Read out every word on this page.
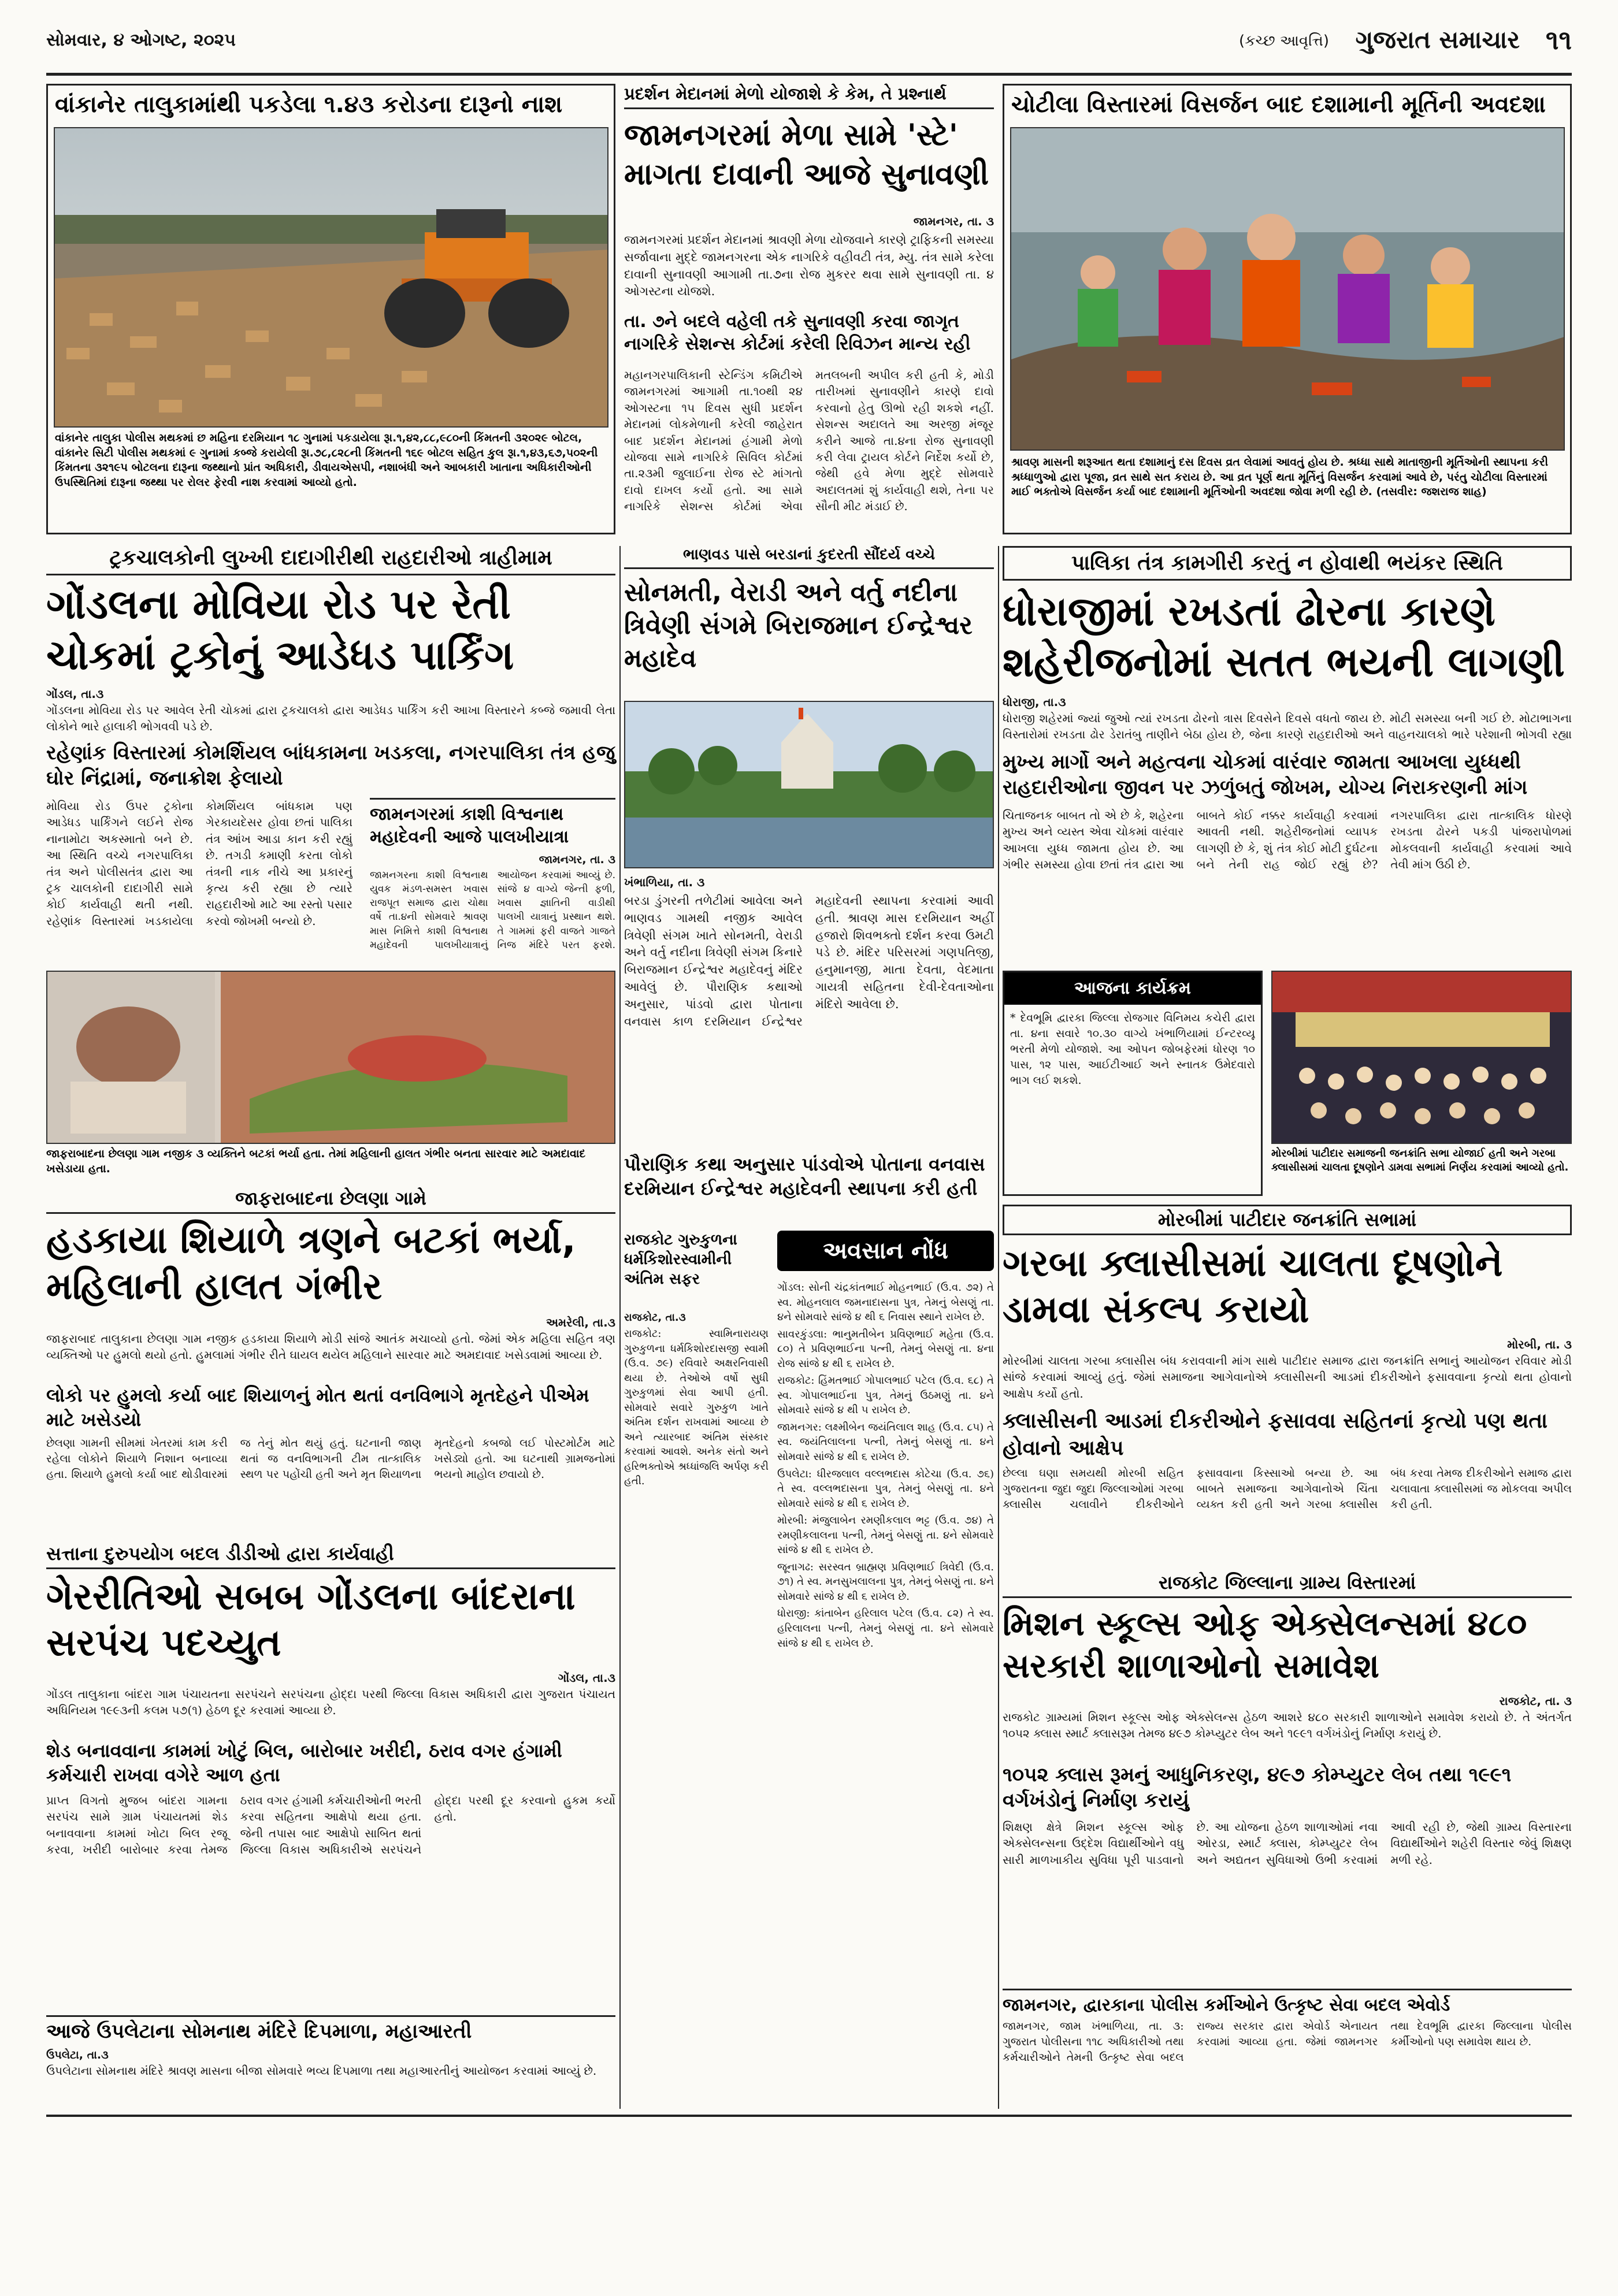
સોમવાર, ૪ ઓગષ્ટ, ૨૦૨૫	(કચ્છ આવૃત્તિ) ગુજરાત સમાચાર ૧૧
વાંકાનેર તાલુકામાંથી પકડેલા ૧.૪૩ કરોડના દારૂનો નાશ
વાંકાનેર તાલુકા પોલીસ મથકમાં છ મહિના દરમિયાન ૧૮ ગુનામાં પકડાયેલા રૂા.૧,૪૨,૮૮,૯૮૦ની કિંમતની ૩૨૦૨૯ બોટલ, વાંકાનેર સિટી પોલીસ મથકમાં ૯ ગુનામાં કબ્જે કરાયેલી રૂા.૭૮,૮૨૮ની કિંમતની ૧૬૯ બોટલ સહિત કુલ રૂા.૧,૪૩,૬૭,૫૦૨ની કિંમતના ૩૨૧૯૫ બોટલના દારૂના જથ્થાનો પ્રાંત અધિકારી, ડીવાયએસપી, નશાબંધી અને આબકારી ખાતાના અધિકારીઓની ઉપસ્થિતિમાં દારૂના જથ્થા પર રોલર ફેરવી નાશ કરવામાં આવ્યો હતો.
પ્રદર્શન મેદાનમાં મેળો યોજાશે કે કેમ, તે પ્રશ્નાર્થ
જામનગરમાં મેળા સામે 'સ્ટે' માગતા દાવાની આજે સુનાવણી
જામનગર, તા. ૩
જામનગરમાં પ્રદર્શન મેદાનમાં શ્રાવણી મેળા યોજવાને કારણે ટ્રાફિકની સમસ્યા સર્જાવાના મુદ્દે જામનગરના એક નાગરિકે વહીવટી તંત્ર, મ્યુ. તંત્ર સામે કરેલા દાવાની સુનાવણી આગામી તા.૭ના રોજ મુકરર થવા સામે સુનાવણી તા. ૪ ઓગસ્ટના યોજશે.
તા. ૭ને બદલે વહેલી તકે સુનાવણી કરવા જાગૃત નાગરિકે સેશન્સ કોર્ટમાં કરેલી રિવિઝન માન્ય રહી
મહાનગરપાલિકાની સ્ટેન્ડિંગ કમિટીએ જામનગરમાં આગામી તા.૧૦થી ૨૪ ઓગસ્ટના ૧૫ દિવસ સુધી પ્રદર્શન મેદાનમાં લોકમેળાની કરેલી જાહેરાત બાદ પ્રદર્શન મેદાનમાં હંગામી મેળો યોજવા સામે નાગરિકે સિવિલ કોર્ટમાં તા.૨૩મી જુલાઈના રોજ સ્ટે માંગતો દાવો દાખલ કર્યો હતો. આ સામે નાગરિકે સેશન્સ કોર્ટમાં એવા મતલબની અપીલ કરી હતી કે, મોડી તારીખમાં સુનાવણીને કારણે દાવો કરવાનો હેતુ ઊભો રહી શકશે નહીં. સેશન્સ અદાલતે આ અરજી મંજૂર કરીને આજે તા.૪ના રોજ સુનાવણી કરી લેવા ટ્રાયલ કોર્ટને નિર્દેશ કર્યો છે, જેથી હવે મેળા મુદ્દે સોમવારે અદાલતમાં શું કાર્યવાહી થશે, તેના પર સૌની મીટ મંડાઈ છે.
ચોટીલા વિસ્તારમાં વિસર્જન બાદ દશામાની મૂર્તિની અવદશા
શ્રાવણ માસની શરૂઆત થતા દશામાનું દસ દિવસ વ્રત લેવામાં આવતું હોય છે. શ્રધ્ધા સાથે માતાજીની મૂર્તિઓની સ્થાપના કરી શ્રધ્ધાળુઓ દ્વારા પૂજા, વ્રત સાથે સત કરાય છે. આ વ્રત પૂર્ણ થતા મૂર્તિનું વિસર્જન કરવામાં આવે છે, પરંતુ ચોટીલા વિસ્તારમાં માઈ ભક્તોએ વિસર્જન કર્યા બાદ દશામાની મૂર્તિઓની અવદશા જોવા મળી રહી છે. (તસવીર: જશરાજ શાહ)
ટ્રકચાલકોની લુખ્ખી દાદાગીરીથી રાહદારીઓ ત્રાહીમામ
ગોંડલના મોવિયા રોડ પર રેતી ચોકમાં ટ્રકોનું આડેધડ પાર્કિંગ
ગોંડલ, તા.૩
ગોંડલના મોવિયા રોડ પર આવેલ રેતી ચોકમાં દ્વારા ટ્રકચાલકો દ્વારા આડેધડ પાર્કિંગ કરી આખા વિસ્તારને કબ્જે જમાવી લેતા લોકોને ભારે હાલાકી ભોગવવી પડે છે.
રહેણાંક વિસ્તારમાં કોમર્શિયલ બાંધકામના ખડકલા, નગરપાલિકા તંત્ર હજુ ઘોર નિંદ્રામાં, જનાક્રોશ ફેલાયો
મોવિયા રોડ ઉપર ટ્રકોના આડેધડ પાર્કિંગને લઈને રોજ નાનામોટા અકસ્માતો બને છે. આ સ્થિતિ વચ્ચે નગરપાલિકા તંત્ર અને પોલીસતંત્ર દ્વારા આ ટ્રક ચાલકોની દાદાગીરી સામે કોઈ કાર્યવાહી થતી નથી. રહેણાંક વિસ્તારમાં ખડકાયેલા કોમર્શિયલ બાંધકામ પણ ગેરકાયદેસર હોવા છતાં પાલિકા તંત્ર આંખ આડા કાન કરી રહ્યું છે. તગડી કમાણી કરતા લોકો તંત્રની નાક નીચે આ પ્રકારનું કૃત્ય કરી રહ્યા છે ત્યારે રાહદારીઓ માટે આ રસ્તો પસાર કરવો જોખમી બન્યો છે.
જામનગરમાં કાશી વિશ્વનાથ મહાદેવની આજે પાલખીયાત્રા
જામનગર, તા. ૩
જામનગરના કાશી વિશ્વનાથ યુવક મંડળ-સમસ્ત ખવાસ રાજપૂત સમાજ દ્વારા ચોથા વર્ષે તા.૪ની સોમવારે શ્રાવણ માસ નિમિત્તે કાશી વિશ્વનાથ મહાદેવની પાલખીયાત્રાનું આયોજન કરવામાં આવ્યું છે. સાંજે ૪ વાગ્યે જેન્તી ફળી, ખવાસ જ્ઞાતિની વાડીથી પાલખી યાત્રાનું પ્રસ્થાન થશે. તે ગામમાં ફરી વાજતે ગાજતે નિજ મંદિરે પરત ફરશે.
ભાણવડ પાસે બરડાનાં કુદરતી સૌંદર્ય વચ્ચે
સોનમતી, વેરાડી અને વર્તુ નદીના ત્રિવેણી સંગમે બિરાજમાન ઈન્દ્રેશ્વર મહાદેવ
ખંભાળિયા, તા. ૩
બરડા ડુંગરની તળેટીમાં આવેલા અને ભાણવડ ગામથી નજીક આવેલ ત્રિવેણી સંગમ ખાતે સોનમતી, વેરાડી અને વર્તુ નદીના ત્રિવેણી સંગમ કિનારે બિરાજમાન ઈન્દ્રેશ્વર મહાદેવનું મંદિર આવેલું છે. પૌરાણિક કથાઓ અનુસાર, પાંડવો દ્વારા પોતાના વનવાસ કાળ દરમિયાન ઈન્દ્રેશ્વર મહાદેવની સ્થાપના કરવામાં આવી હતી. શ્રાવણ માસ દરમિયાન અહીં હજારો શિવભક્તો દર્શન કરવા ઉમટી પડે છે. મંદિર પરિસરમાં ગણપતિજી, હનુમાનજી, માતા દેવતા, વેદમાતા ગાયત્રી સહિતના દેવી-દેવતાઓના મંદિરો આવેલા છે.
પૌરાણિક કથા અનુસાર પાંડવોએ પોતાના વનવાસ દરમિયાન ઈન્દ્રેશ્વર મહાદેવની સ્થાપના કરી હતી
પાલિકા તંત્ર કામગીરી કરતું ન હોવાથી ભયંકર સ્થિતિ
ધોરાજીમાં રખડતાં ઢોરના કારણે શહેરીજનોમાં સતત ભયની લાગણી
ધોરાજી, તા.૩
ધોરાજી શહેરમાં જ્યાં જુઓ ત્યાં રખડતા ઢોરનો ત્રાસ દિવસેને દિવસે વધતો જાય છે. મોટી સમસ્યા બની ગઈ છે. મોટાભાગના વિસ્તારોમાં રખડતા ઢોર ડેરાતંબુ તાણીને બેઠા હોય છે, જેના કારણે રાહદારીઓ અને વાહનચાલકો ભારે પરેશાની ભોગવી રહ્યા
મુખ્ય માર્ગો અને મહત્વના ચોકમાં વારંવાર જામતા આખલા યુધ્ધથી રાહદારીઓના જીવન પર ઝળુંબતું જોખમ, યોગ્ય નિરાકરણની માંગ
ચિતાજનક બાબત તો એ છે કે, શહેરના મુખ્ય અને વ્યસ્ત એવા ચોકમાં વારંવાર આખલા યુધ્ધ જામતા હોય છે. આ ગંભીર સમસ્યા હોવા છતાં તંત્ર દ્વારા આ બાબતે કોઈ નક્કર કાર્યવાહી કરવામાં આવતી નથી. શહેરીજનોમાં વ્યાપક લાગણી છે કે, શું તંત્ર કોઈ મોટી દુર્ઘટના બને તેની રાહ જોઈ રહ્યું છે? નગરપાલિકા દ્વારા તાત્કાલિક ધોરણે રખડતા ઢોરને પકડી પાંજરાપોળમાં મોકલવાની કાર્યવાહી કરવામાં આવે તેવી માંગ ઉઠી છે.
જાફરાબાદના છેલણા ગામ નજીક ૩ વ્યક્તિને બટકાં ભર્યા હતા. તેમાં મહિલાની હાલત ગંભીર બનતા સારવાર માટે અમદાવાદ ખસેડાયા હતા.
જાફરાબાદના છેલણા ગામે
હડકાયા શિયાળે ત્રણને બટકાં ભર્યા, મહિલાની હાલત ગંભીર
અમરેલી, તા.૩
જાફરાબાદ તાલુકાના છેલણા ગામ નજીક હડકાયા શિયાળે મોડી સાંજે આતંક મચાવ્યો હતો. જેમાં એક મહિલા સહિત ત્રણ વ્યક્તિઓ પર હુમલો થયો હતો. હુમલામાં ગંભીર રીતે ઘાયલ થયેલ મહિલાને સારવાર માટે અમદાવાદ ખસેડવામાં આવ્યા છે.
લોકો પર હુમલો કર્યા બાદ શિયાળનું મોત થતાં વનવિભાગે મૃતદેહને પીએમ માટે ખસેડયો
છેલણા ગામની સીમમાં ખેતરમાં કામ કરી રહેલા લોકોને શિયાળે નિશાન બનાવ્યા હતા. શિયાળે હુમલો કર્યા બાદ થોડીવારમાં જ તેનું મોત થયું હતું. ઘટનાની જાણ થતાં જ વનવિભાગની ટીમ તાત્કાલિક સ્થળ પર પહોંચી હતી અને મૃત શિયાળના મૃતદેહનો કબજો લઈ પોસ્ટમોર્ટમ માટે ખસેડ્યો હતો. આ ઘટનાથી ગ્રામજનોમાં ભયનો માહોલ છવાયો છે.
સત્તાના દુરુપયોગ બદલ ડીડીઓ દ્વારા કાર્યવાહી
ગેરરીતિઓ સબબ ગોંડલના બાંદરાના સરપંચ પદચ્યુત
ગોંડલ, તા.૩
ગોંડલ તાલુકાના બાંદરા ગામ પંચાયતના સરપંચને સરપંચના હોદ્દા પરથી જિલ્લા વિકાસ અધિકારી દ્વારા ગુજરાત પંચાયત અધિનિયમ ૧૯૯૩ની કલમ ૫૭(૧) હેઠળ દૂર કરવામાં આવ્યા છે.
શેડ બનાવવાના કામમાં ખોટું બિલ, બારોબાર ખરીદી, ઠરાવ વગર હંગામી કર્મચારી રાખવા વગેરે આળ હતા
પ્રાપ્ત વિગતો મુજબ બાંદરા ગામના સરપંચ સામે ગ્રામ પંચાયતમાં શેડ બનાવવાના કામમાં ખોટા બિલ રજૂ કરવા, ખરીદી બારોબાર કરવા તેમજ ઠરાવ વગર હંગામી કર્મચારીઓની ભરતી કરવા સહિતના આક્ષેપો થયા હતા. જેની તપાસ બાદ આક્ષેપો સાબિત થતાં જિલ્લા વિકાસ અધિકારીએ સરપંચને હોદ્દા પરથી દૂર કરવાનો હુકમ કર્યો હતો.
આજે ઉપલેટાના સોમનાથ મંદિરે દિપમાળા, મહાઆરતી
ઉપલેટા, તા.૩
ઉપલેટાના સોમનાથ મંદિરે શ્રાવણ માસના બીજા સોમવારે ભવ્ય દિપમાળા તથા મહાઆરતીનું આયોજન કરવામાં આવ્યું છે.
રાજકોટ ગુરુકુળના ધર્મકિશોરસ્વામીની અંતિમ સફર
રાજકોટ, તા.૩
રાજકોટ: સ્વામિનારાયણ ગુરુકુળના ધર્મકિશોરદાસજી સ્વામી (ઉ.વ. ૭૯) રવિવારે અક્ષરનિવાસી થયા છે. તેઓએ વર્ષો સુધી ગુરુકુળમાં સેવા આપી હતી. સોમવારે સવારે ગુરુકુળ ખાતે અંતિમ દર્શન રાખવામાં આવ્યા છે અને ત્યારબાદ અંતિમ સંસ્કાર કરવામાં આવશે. અનેક સંતો અને હરિભક્તોએ શ્રધ્ધાંજલિ અર્પણ કરી હતી.
અવસાન નોંધ

ગોંડલ: સોની ચંદ્રકાંતભાઈ મોહનભાઈ (ઉ.વ. ૭૨) તે સ્વ. મોહનલાલ જમનાદાસના પુત્ર, તેમનું બેસણું તા. ૪ને સોમવારે સાંજે ૪ થી ૬ નિવાસ સ્થાને રાખેલ છે.

સાવરકુંડલા: ભાનુમતીબેન પ્રવિણભાઈ મહેતા (ઉ.વ. ૮૦) તે પ્રવિણભાઈના પત્ની, તેમનું બેસણું તા. ૪ના રોજ સાંજે ૪ થી ૬ રાખેલ છે.

રાજકોટ: હિંમતભાઈ ગોપાલભાઈ પટેલ (ઉ.વ. ૬૮) તે સ્વ. ગોપાલભાઈના પુત્ર, તેમનું ઉઠમણું તા. ૪ને સોમવારે સાંજે ૪ થી ૫ રાખેલ છે.

જામનગર: લક્ષ્મીબેન જયંતિલાલ શાહ (ઉ.વ. ૮૫) તે સ્વ. જયંતિલાલના પત્ની, તેમનું બેસણું તા. ૪ને સોમવારે સાંજે ૪ થી ૬ રાખેલ છે.

ઉપલેટા: ધીરજલાલ વલ્લભદાસ કોટેચા (ઉ.વ. ૭૬) તે સ્વ. વલ્લભદાસના પુત્ર, તેમનું બેસણું તા. ૪ને સોમવારે સાંજે ૪ થી ૬ રાખેલ છે.

મોરબી: મંજુલાબેન રમણીકલાલ ભટ્ટ (ઉ.વ. ૭૪) તે રમણીકલાલના પત્ની, તેમનું બેસણું તા. ૪ને સોમવારે સાંજે ૪ થી ૬ રાખેલ છે.

જૂનાગઢ: સરસ્વત બ્રાહ્મણ પ્રવિણભાઈ ત્રિવેદી (ઉ.વ. ૭૧) તે સ્વ. મનસુખલાલના પુત્ર, તેમનું બેસણું તા. ૪ને સોમવારે સાંજે ૪ થી ૬ રાખેલ છે.

ધોરાજી: કાંતાબેન હરિલાલ પટેલ (ઉ.વ. ૮૨) તે સ્વ. હરિલાલના પત્ની, તેમનું બેસણું તા. ૪ને સોમવારે સાંજે ૪ થી ૬ રાખેલ છે.

આજના કાર્યક્રમ
* દેવભૂમિ દ્વારકા જિલ્લા રોજગાર વિનિમય કચેરી દ્વારા તા. ૪ના સવારે ૧૦.૩૦ વાગ્યે ખંભાળિયામાં ઈન્ટરવ્યૂ ભરતી મેળો યોજાશે. આ ઓપન જોબફેરમાં ધોરણ ૧૦ પાસ, ૧૨ પાસ, આઈટીઆઈ અને સ્નાતક ઉમેદવારો ભાગ લઈ શકશે.
મોરબીમાં પાટીદાર સમાજની જનક્રાંતિ સભા યોજાઈ હતી અને ગરબા ક્લાસીસમાં ચાલતા દૂષણોને ડામવા સભામાં નિર્ણય કરવામાં આવ્યો હતો.
મોરબીમાં પાટીદાર જનક્રાંતિ સભામાં
ગરબા ક્લાસીસમાં ચાલતા દૂષણોને ડામવા સંકલ્પ કરાયો
મોરબી, તા. ૩
મોરબીમાં ચાલતા ગરબા ક્લાસીસ બંધ કરાવવાની માંગ સાથે પાટીદાર સમાજ દ્વારા જનક્રાંતિ સભાનું આયોજન રવિવાર મોડી સાંજે કરવામાં આવ્યું હતું. જેમાં સમાજના આગેવાનોએ ક્લાસીસની આડમાં દીકરીઓને ફસાવવાના કૃત્યો થતા હોવાનો આક્ષેપ કર્યો હતો.
ક્લાસીસની આડમાં દીકરીઓને ફસાવવા સહિતનાં કૃત્યો પણ થતા હોવાનો આક્ષેપ
છેલ્લા ઘણા સમયથી મોરબી સહિત ગુજરાતના જુદા જુદા જિલ્લાઓમાં ગરબા ક્લાસીસ ચલાવીને દીકરીઓને ફસાવવાના કિસ્સાઓ બન્યા છે. આ બાબતે સમાજના આગેવાનોએ ચિંતા વ્યક્ત કરી હતી અને ગરબા ક્લાસીસ બંધ કરવા તેમજ દીકરીઓને સમાજ દ્વારા ચલાવાતા ક્લાસીસમાં જ મોકલવા અપીલ કરી હતી.
રાજકોટ જિલ્લાના ગ્રામ્ય વિસ્તારમાં
મિશન સ્કૂલ્સ ઓફ એક્સેલન્સમાં ૪૮૦ સરકારી શાળાઓનો સમાવેશ
રાજકોટ, તા. ૩
રાજકોટ ગ્રામ્યમાં મિશન સ્કૂલ્સ ઓફ એક્સેલન્સ હેઠળ આશરે ૪૮૦ સરકારી શાળાઓને સમાવેશ કરાયો છે. તે અંતર્ગત ૧૦૫૨ ક્લાસ સ્માર્ટ ક્લાસરૂમ તેમજ ૪૯૭ કોમ્પ્યુટર લેબ અને ૧૯૯૧ વર્ગખંડોનું નિર્માણ કરાયું છે.
૧૦૫૨ ક્લાસ રૂમનું આધુનિકરણ, ૪૯૭ કોમ્પ્યુટર લેબ તથા ૧૯૯૧ વર્ગખંડોનું નિર્માણ કરાયું
શિક્ષણ ક્ષેત્રે મિશન સ્કૂલ્સ ઓફ એક્સેલન્સના ઉદ્દેશ વિદ્યાર્થીઓને વધુ સારી માળખાકીય સુવિધા પૂરી પાડવાનો છે. આ યોજના હેઠળ શાળાઓમાં નવા ઓરડા, સ્માર્ટ ક્લાસ, કોમ્પ્યુટર લેબ અને અદ્યતન સુવિધાઓ ઉભી કરવામાં આવી રહી છે, જેથી ગ્રામ્ય વિસ્તારના વિદ્યાર્થીઓને શહેરી વિસ્તાર જેવું શિક્ષણ મળી રહે.
જામનગર, દ્વારકાના પોલીસ કર્મીઓને ઉત્કૃષ્ટ સેવા બદલ એવોર્ડ
જામનગર, જામ ખંભાળિયા, તા. ૩: ગુજરાત પોલીસના ૧૧૮ અધિકારીઓ તથા કર્મચારીઓને તેમની ઉત્કૃષ્ટ સેવા બદલ રાજ્ય સરકાર દ્વારા એવોર્ડ એનાયત કરવામાં આવ્યા હતા. જેમાં જામનગર તથા દેવભૂમિ દ્વારકા જિલ્લાના પોલીસ કર્મીઓનો પણ સમાવેશ થાય છે.
